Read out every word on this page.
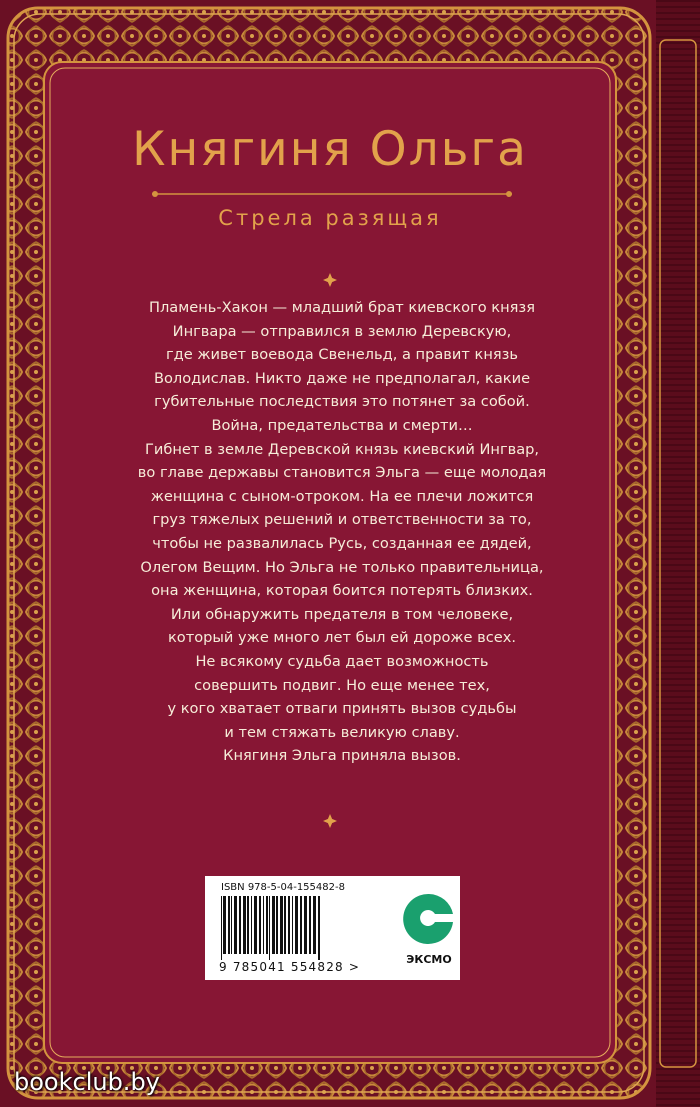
Княгиня Ольга
Стрела разящая

Пламень-Хакон — младший брат киевского князя

Ингвара — отправился в землю Деревскую,

где живет воевода Свенельд, а правит князь

Володислав. Никто даже не предполагал, какие

губительные последствия это потянет за собой.

Война, предательства и смерти…

Гибнет в земле Деревской князь киевский Ингвар,

во главе державы становится Эльга — еще молодая

женщина с сыном-отроком. На ее плечи ложится

груз тяжелых решений и ответственности за то,

чтобы не развалилась Русь, созданная ее дядей,

Олегом Вещим. Но Эльга не только правительница,

она женщина, которая боится потерять близких.

Или обнаружить предателя в том человеке,

который уже много лет был ей дороже всех.

Не всякому судьба дает возможность

совершить подвиг. Но еще менее тех,

у кого хватает отваги принять вызов судьбы

и тем стяжать великую славу.

Княгиня Эльга приняла вызов.

ISBN 978-5-04-155482-8
9 785041 554828 >
ЭКСМО
bookclub.by
